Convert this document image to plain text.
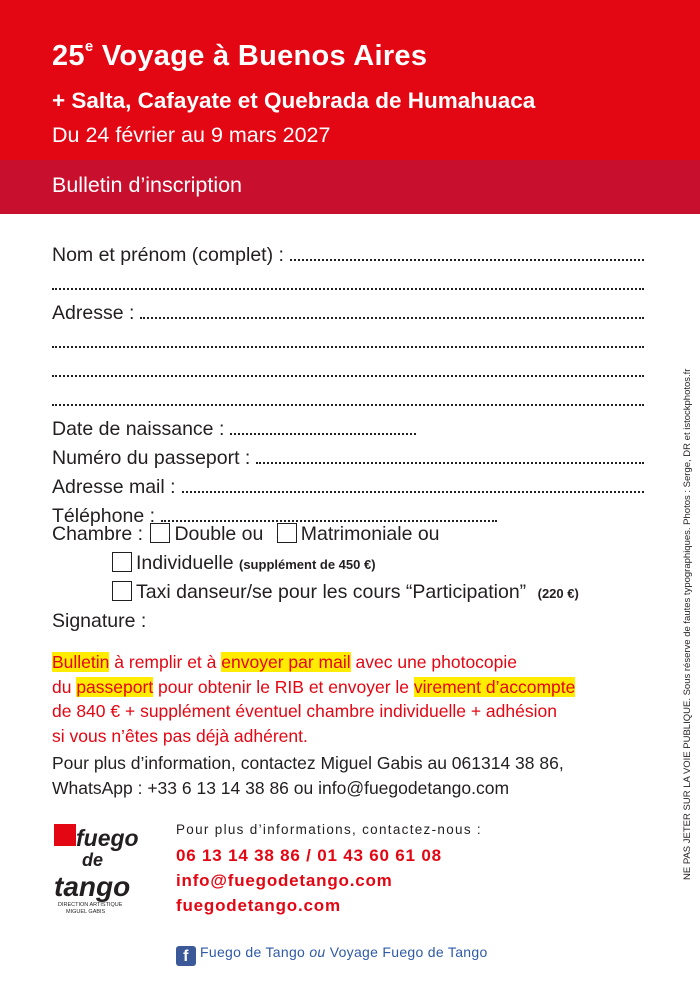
25e Voyage à Buenos Aires
+ Salta, Cafayate et Quebrada de Humahuaca
Du 24 février au 9 mars 2027
Bulletin d’inscription
Nom et prénom (complet) :
Adresse :
Date de naissance :
Numéro du passeport :
Adresse mail :
Téléphone :
Chambre : Double ou Matrimoniale ou
Individuelle (supplément de 450 €)
Taxi danseur/se pour les cours “Participation” (220 €)
Signature :
Bulletin à remplir et à envoyer par mail avec une photocopie
du passeport pour obtenir le RIB et envoyer le virement d’accompte
de 840 € + supplément éventuel chambre individuelle + adhésion
si vous n’êtes pas déjà adhérent.
Pour plus d’information, contactez Miguel Gabis au 061314 38 86,
WhatsApp : +33 6 13 14 38 86 ou info@fuegodetango.com
fuego
de
tango
DIRECTION ARTISTIQUE
MIGUEL GABIS
Pour plus d’informations, contactez-nous :
06 13 14 38 86 / 01 43 60 61 08
info@fuegodetango.com
fuegodetango.com
f Fuego de Tango ou Voyage Fuego de Tango
NE PAS JETER SUR LA VOIE PUBLIQUE. Sous réserve de fautes typographiques. Photos : Serge, DR et istockphotos.fr
